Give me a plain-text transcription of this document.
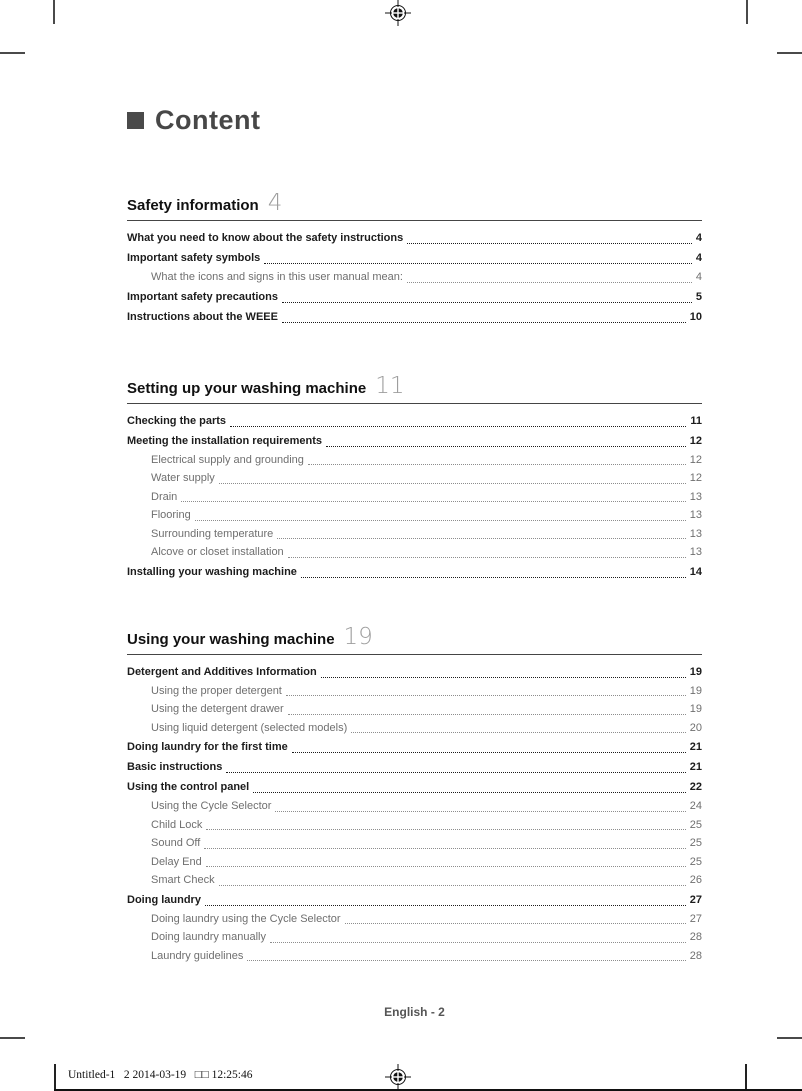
Content
Safety information 4
What you need to know about the safety instructions	4
Important safety symbols	4
What the icons and signs in this user manual mean:	4
Important safety precautions	5
Instructions about the WEEE	10
Setting up your washing machine 11
Checking the parts	11
Meeting the installation requirements	12
Electrical supply and grounding	12
Water supply	12
Drain	13
Flooring	13
Surrounding temperature	13
Alcove or closet installation	13
Installing your washing machine	14
Using your washing machine 19
Detergent and Additives Information	19
Using the proper detergent	19
Using the detergent drawer	19
Using liquid detergent (selected models)	20
Doing laundry for the first time	21
Basic instructions	21
Using the control panel	22
Using the Cycle Selector	24
Child Lock	25
Sound Off	25
Delay End	25
Smart Check	26
Doing laundry	27
Doing laundry using the Cycle Selector	27
Doing laundry manually	28
Laundry guidelines	28
English - 2
Untitled-1   2 2014-03-19   □□ 12:25:46
